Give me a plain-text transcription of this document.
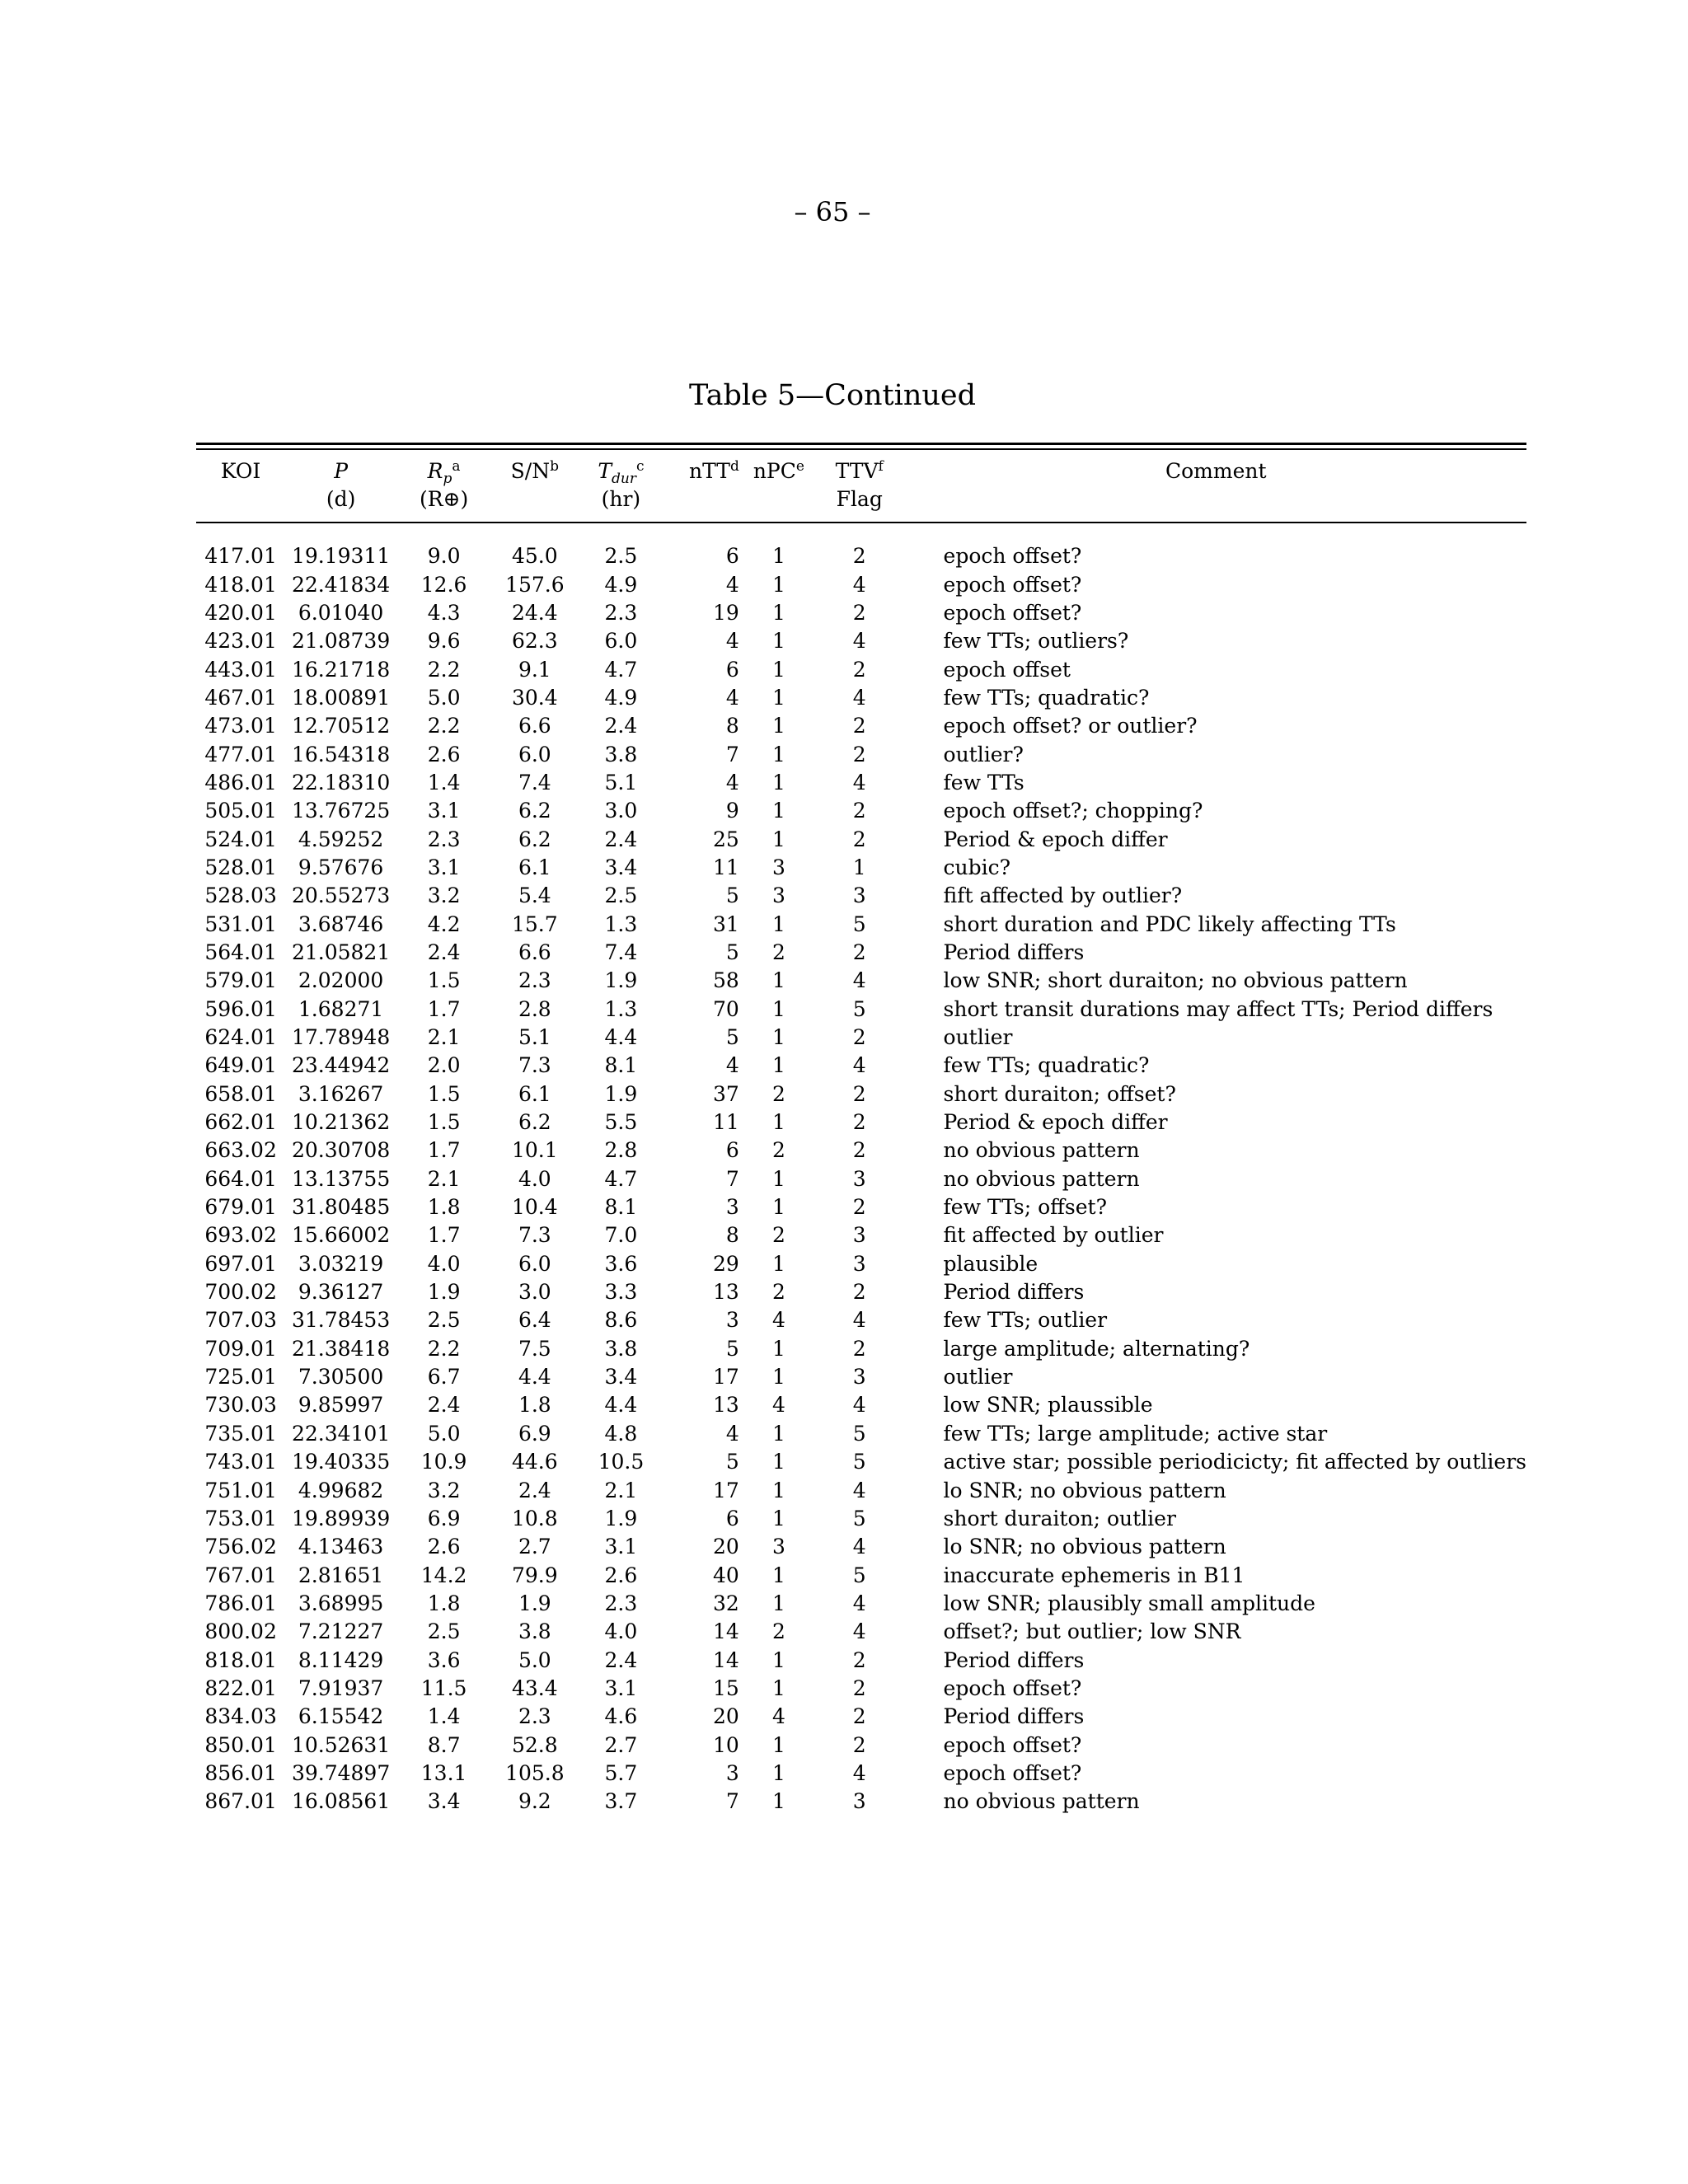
– 65 –
Table 5—Continued
KOI	P	$R_p^a$	$S/N^b$	$T_{dur}^c$	nTT$^d$	nPC$^e$	TTV$^f$	Comment
	(d)	(R⊕)		(hr)			Flag	

417.01	19.19311	9.0	45.0	2.5	6	1	2	epoch offset?
418.01	22.41834	12.6	157.6	4.9	4	1	4	epoch offset?
420.01	6.01040	4.3	24.4	2.3	19	1	2	epoch offset?
423.01	21.08739	9.6	62.3	6.0	4	1	4	few TTs; outliers?
443.01	16.21718	2.2	9.1	4.7	6	1	2	epoch offset
467.01	18.00891	5.0	30.4	4.9	4	1	4	few TTs; quadratic?
473.01	12.70512	2.2	6.6	2.4	8	1	2	epoch offset? or outlier?
477.01	16.54318	2.6	6.0	3.8	7	1	2	outlier?
486.01	22.18310	1.4	7.4	5.1	4	1	4	few TTs
505.01	13.76725	3.1	6.2	3.0	9	1	2	epoch offset?; chopping?
524.01	4.59252	2.3	6.2	2.4	25	1	2	Period & epoch differ
528.01	9.57676	3.1	6.1	3.4	11	3	1	cubic?
528.03	20.55273	3.2	5.4	2.5	5	3	3	fift affected by outlier?
531.01	3.68746	4.2	15.7	1.3	31	1	5	short duration and PDC likely affecting TTs
564.01	21.05821	2.4	6.6	7.4	5	2	2	Period differs
579.01	2.02000	1.5	2.3	1.9	58	1	4	low SNR; short duraiton; no obvious pattern
596.01	1.68271	1.7	2.8	1.3	70	1	5	short transit durations may affect TTs; Period differs
624.01	17.78948	2.1	5.1	4.4	5	1	2	outlier
649.01	23.44942	2.0	7.3	8.1	4	1	4	few TTs; quadratic?
658.01	3.16267	1.5	6.1	1.9	37	2	2	short duraiton; offset?
662.01	10.21362	1.5	6.2	5.5	11	1	2	Period & epoch differ
663.02	20.30708	1.7	10.1	2.8	6	2	2	no obvious pattern
664.01	13.13755	2.1	4.0	4.7	7	1	3	no obvious pattern
679.01	31.80485	1.8	10.4	8.1	3	1	2	few TTs; offset?
693.02	15.66002	1.7	7.3	7.0	8	2	3	fit affected by outlier
697.01	3.03219	4.0	6.0	3.6	29	1	3	plausible
700.02	9.36127	1.9	3.0	3.3	13	2	2	Period differs
707.03	31.78453	2.5	6.4	8.6	3	4	4	few TTs; outlier
709.01	21.38418	2.2	7.5	3.8	5	1	2	large amplitude; alternating?
725.01	7.30500	6.7	4.4	3.4	17	1	3	outlier
730.03	9.85997	2.4	1.8	4.4	13	4	4	low SNR; plaussible
735.01	22.34101	5.0	6.9	4.8	4	1	5	few TTs; large amplitude; active star
743.01	19.40335	10.9	44.6	10.5	5	1	5	active star; possible periodicicty; fit affected by outliers
751.01	4.99682	3.2	2.4	2.1	17	1	4	lo SNR; no obvious pattern
753.01	19.89939	6.9	10.8	1.9	6	1	5	short duraiton; outlier
756.02	4.13463	2.6	2.7	3.1	20	3	4	lo SNR; no obvious pattern
767.01	2.81651	14.2	79.9	2.6	40	1	5	inaccurate ephemeris in B11
786.01	3.68995	1.8	1.9	2.3	32	1	4	low SNR; plausibly small amplitude
800.02	7.21227	2.5	3.8	4.0	14	2	4	offset?; but outlier; low SNR
818.01	8.11429	3.6	5.0	2.4	14	1	2	Period differs
822.01	7.91937	11.5	43.4	3.1	15	1	2	epoch offset?
834.03	6.15542	1.4	2.3	4.6	20	4	2	Period differs
850.01	10.52631	8.7	52.8	2.7	10	1	2	epoch offset?
856.01	39.74897	13.1	105.8	5.7	3	1	4	epoch offset?
867.01	16.08561	3.4	9.2	3.7	7	1	3	no obvious pattern
